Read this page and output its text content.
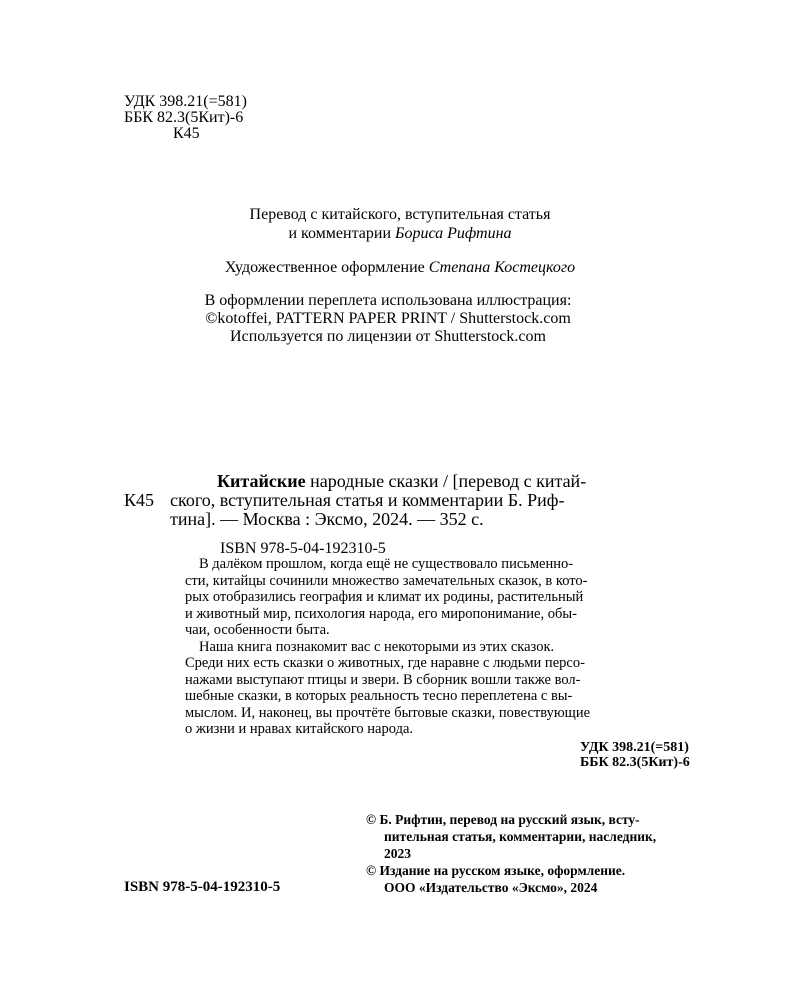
УДК 398.21(=581)
ББК 82.3(5Кит)-6
К45
Перевод с китайского, вступительная статья
и комментарии Бориса Рифтина
Художественное оформление Степана Костецкого
В оформлении переплета использована иллюстрация:
©kotoffei, PATTERN PAPER PRINT / Shutterstock.com
Используется по лицензии от Shutterstock.com
К45
Китайские народные сказки / [перевод с китай-
ского, вступительная статья и комментарии Б. Риф-
тина]. — Москва : Эксмо, 2024. — 352 с.
ISBN 978-5-04-192310-5
В далёком прошлом, когда ещё не существовало письменно-
сти, китайцы сочинили множество замечательных сказок, в кото-
рых отобразились география и климат их родины, растительный
и животный мир, психология народа, его миропонимание, обы-
чаи, особенности быта.
Наша книга познакомит вас с некоторыми из этих сказок.
Среди них есть сказки о животных, где наравне с людьми персо-
нажами выступают птицы и звери. В сборник вошли также вол-
шебные сказки, в которых реальность тесно переплетена с вы-
мыслом. И, наконец, вы прочтёте бытовые сказки, повествующие
о жизни и нравах китайского народа.
УДК 398.21(=581)
ББК 82.3(5Кит)-6
© Б. Рифтин, перевод на русский язык, всту-
пительная статья, комментарии, наследник,
2023
© Издание на русском языке, оформление.
ООО «Издательство «Эксмо», 2024
ISBN 978-5-04-192310-5
